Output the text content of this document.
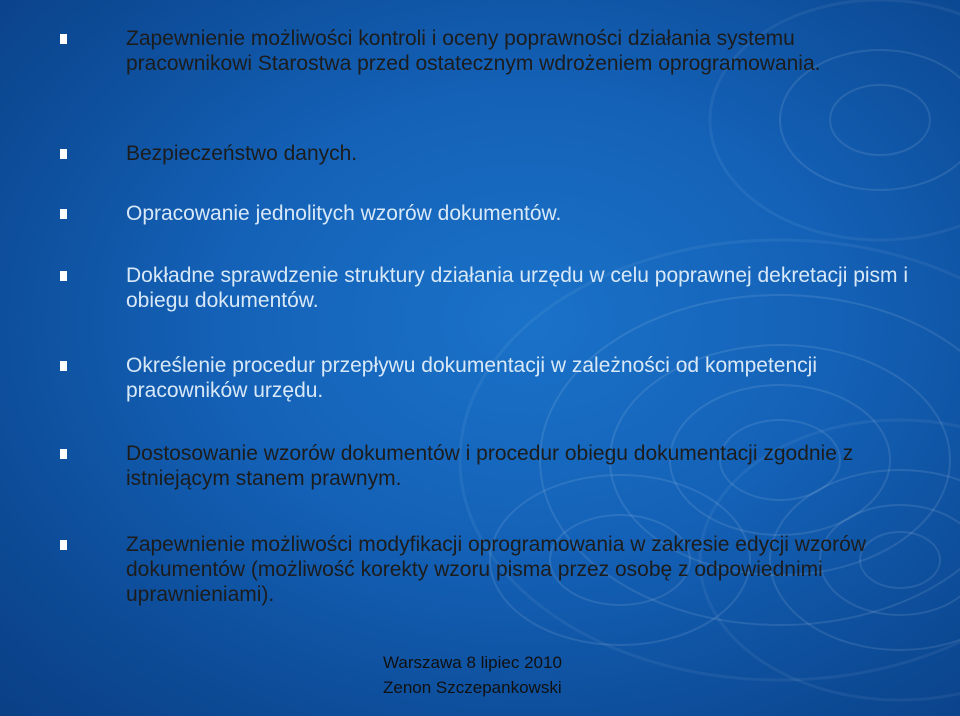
Zapewnienie możliwości kontroli i oceny poprawności działania systemu pracownikowi Starostwa przed ostatecznym wdrożeniem oprogramowania.
Bezpieczeństwo danych.
Opracowanie jednolitych wzorów dokumentów.
Dokładne sprawdzenie struktury działania urzędu w celu poprawnej dekretacji pism i obiegu dokumentów.
Określenie procedur przepływu dokumentacji w zależności od kompetencji pracowników urzędu.
Dostosowanie wzorów dokumentów i procedur obiegu dokumentacji zgodnie z istniejącym stanem prawnym.
Zapewnienie możliwości modyfikacji oprogramowania w zakresie edycji wzorów dokumentów (możliwość korekty wzoru pisma przez osobę z odpowiednimi uprawnieniami).
Warszawa 8 lipiec 2010
Zenon Szczepankowski
